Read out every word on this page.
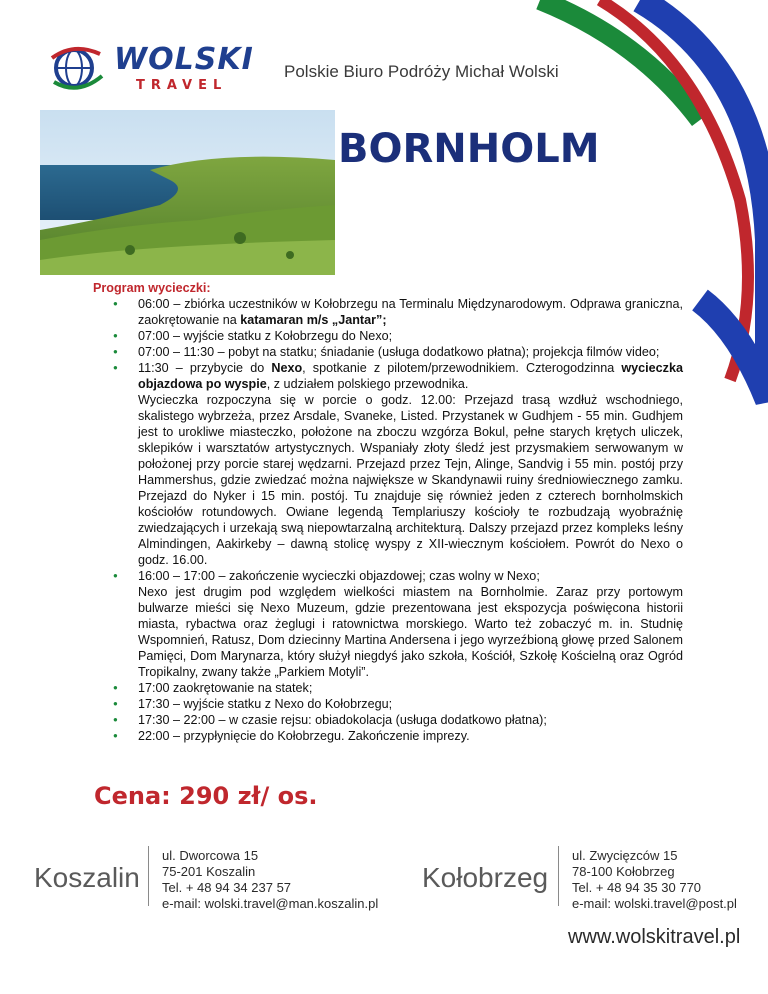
WOLSKI
TRAVEL
Polskie Biuro Podróży Michał Wolski
BORNHOLM
Program wycieczki:
● 06:00 – zbiórka uczestników w Kołobrzegu na Terminalu Międzynarodowym. Odprawa graniczna, zaokrętowanie na katamaran m/s „Jantar”;
● 07:00 – wyjście statku z Kołobrzegu do Nexo;
● 07:00 – 11:30 – pobyt na statku; śniadanie (usługa dodatkowo płatna); projekcja filmów video;
● 11:30 – przybycie do Nexo, spotkanie z pilotem/przewodnikiem. Czterogodzinna wycieczka objazdowa po wyspie, z udziałem polskiego przewodnika.

Wycieczka rozpoczyna się w porcie o godz. 12.00: Przejazd trasą wzdłuż wschodniego, skalistego wybrzeża, przez Arsdale, Svaneke, Listed. Przystanek w Gudhjem - 55 min. Gudhjem jest to urokliwe miasteczko, położone na zboczu wzgórza Bokul, pełne starych krętych uliczek, sklepików i warsztatów artystycznych. Wspaniały złoty śledź jest przysmakiem serwowanym w położonej przy porcie starej wędzarni. Przejazd przez Tejn, Alinge, Sandvig i 55 min. postój przy Hammershus, gdzie zwiedzać można największe w Skandynawii ruiny średniowiecznego zamku. Przejazd do Nyker i 15 min. postój. Tu znajduje się również jeden z czterech bornholmskich kościołów rotundowych. Owiane legendą Templariuszy kościoły te rozbudzają wyobraźnię zwiedzających i urzekają swą niepowtarzalną architekturą. Dalszy przejazd przez kompleks leśny Almindingen, Aakirkeby – dawną stolicę wyspy z XII-wiecznym kościołem. Powrót do Nexo o godz. 16.00.

● 16:00 – 17:00 – zakończenie wycieczki objazdowej; czas wolny w Nexo;

Nexo jest drugim pod względem wielkości miastem na Bornholmie. Zaraz przy portowym bulwarze mieści się Nexo Muzeum, gdzie prezentowana jest ekspozycja poświęcona historii miasta, rybactwa oraz żeglugi i ratownictwa morskiego. Warto też zobaczyć m. in. Studnię Wspomnień, Ratusz, Dom dziecinny Martina Andersena i jego wyrzeźbioną głowę przed Salonem Pamięci, Dom Marynarza, który służył niegdyś jako szkoła, Kościół, Szkołę Kościelną oraz Ogród Tropikalny, zwany także „Parkiem Motyli”.

● 17:00 zaokrętowanie na statek;
● 17:30 – wyjście statku z Nexo do Kołobrzegu;
● 17:30 – 22:00 – w czasie rejsu: obiadokolacja (usługa dodatkowo płatna);
● 22:00 – przypłynięcie do Kołobrzegu. Zakończenie imprezy.
Cena: 290 zł/ os.
Koszalin
ul. Dworcowa 15
75-201 Koszalin
Tel. + 48 94 34 237 57
e-mail: wolski.travel@man.koszalin.pl
Kołobrzeg
ul. Zwycięzców 15
78-100 Kołobrzeg
Tel. + 48 94 35 30 770
e-mail: wolski.travel@post.pl
www.wolskitravel.pl
